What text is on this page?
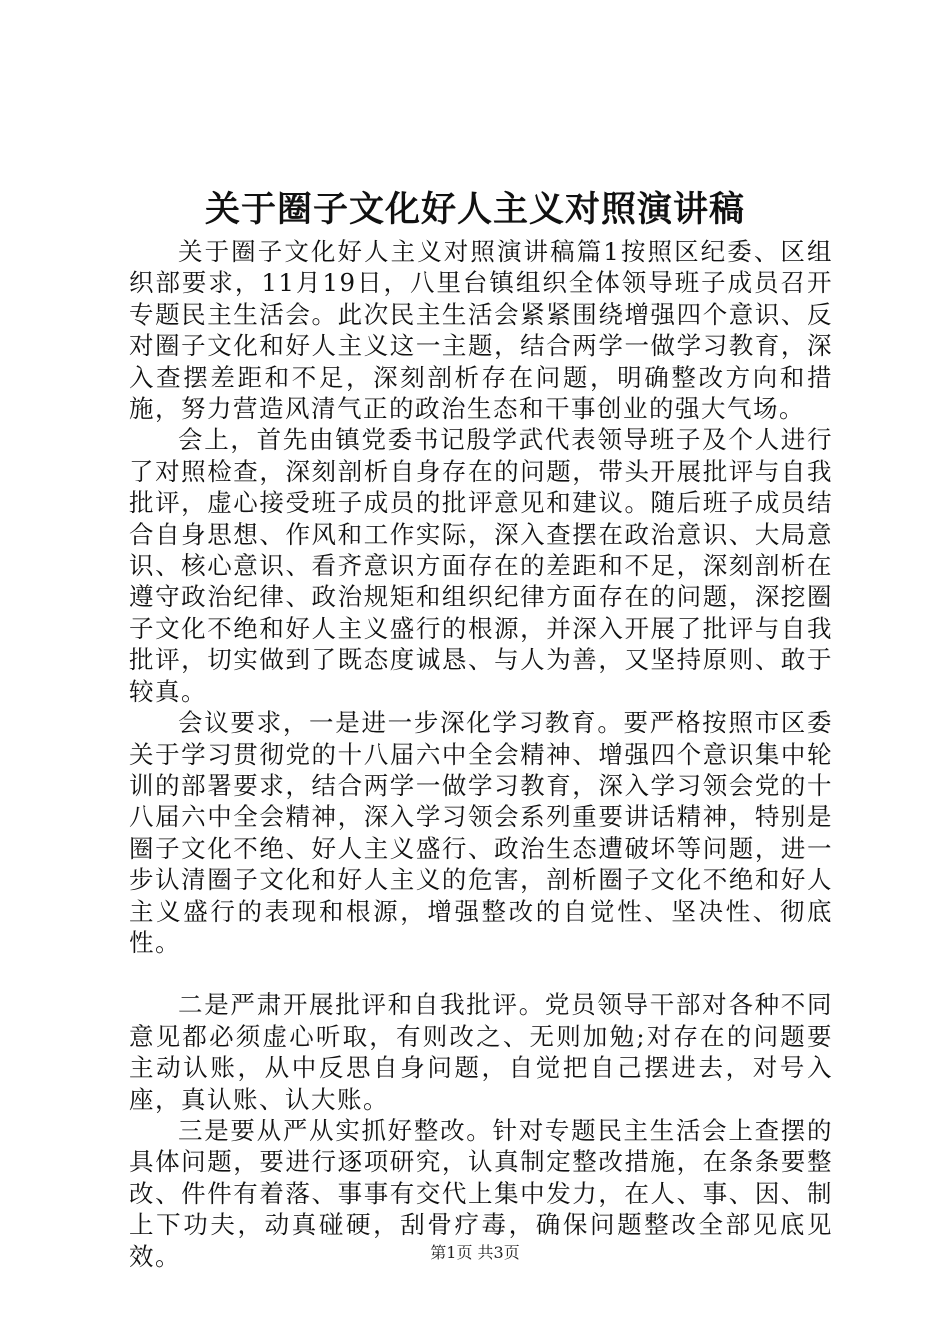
关于圈子文化好人主义对照演讲稿

关于圈子文化好人主义对照演讲稿篇1按照区纪委、区组织部要求，11月19日，八里台镇组织全体领导班子成员召开专题民主生活会。此次民主生活会紧紧围绕增强四个意识、反对圈子文化和好人主义这一主题，结合两学一做学习教育，深入查摆差距和不足，深刻剖析存在问题，明确整改方向和措施，努力营造风清气正的政治生态和干事创业的强大气场。

会上，首先由镇党委书记殷学武代表领导班子及个人进行了对照检查，深刻剖析自身存在的问题，带头开展批评与自我批评，虚心接受班子成员的批评意见和建议。随后班子成员结合自身思想、作风和工作实际，深入查摆在政治意识、大局意识、核心意识、看齐意识方面存在的差距和不足，深刻剖析在遵守政治纪律、政治规矩和组织纪律方面存在的问题，深挖圈子文化不绝和好人主义盛行的根源，并深入开展了批评与自我批评，切实做到了既态度诚恳、与人为善，又坚持原则、敢于较真。

会议要求，一是进一步深化学习教育。要严格按照市区委关于学习贯彻党的十八届六中全会精神、增强四个意识集中轮训的部署要求，结合两学一做学习教育，深入学习领会党的十八届六中全会精神，深入学习领会系列重要讲话精神，特别是圈子文化不绝、好人主义盛行、政治生态遭破坏等问题，进一步认清圈子文化和好人主义的危害，剖析圈子文化不绝和好人主义盛行的表现和根源，增强整改的自觉性、坚决性、彻底性。

二是严肃开展批评和自我批评。党员领导干部对各种不同意见都必须虚心听取，有则改之、无则加勉;对存在的问题要主动认账，从中反思自身问题，自觉把自己摆进去，对号入座，真认账、认大账。

三是要从严从实抓好整改。针对专题民主生活会上查摆的具体问题，要进行逐项研究，认真制定整改措施，在条条要整改、件件有着落、事事有交代上集中发力，在人、事、因、制上下功夫，动真碰硬，刮骨疗毒，确保问题整改全部见底见效。	第1页 共3页
